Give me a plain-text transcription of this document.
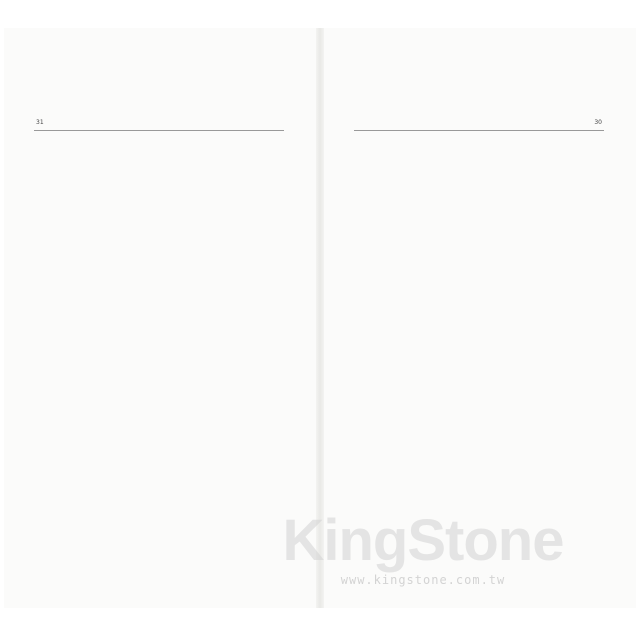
31	30

KingStone
www.kingstone.com.tw
